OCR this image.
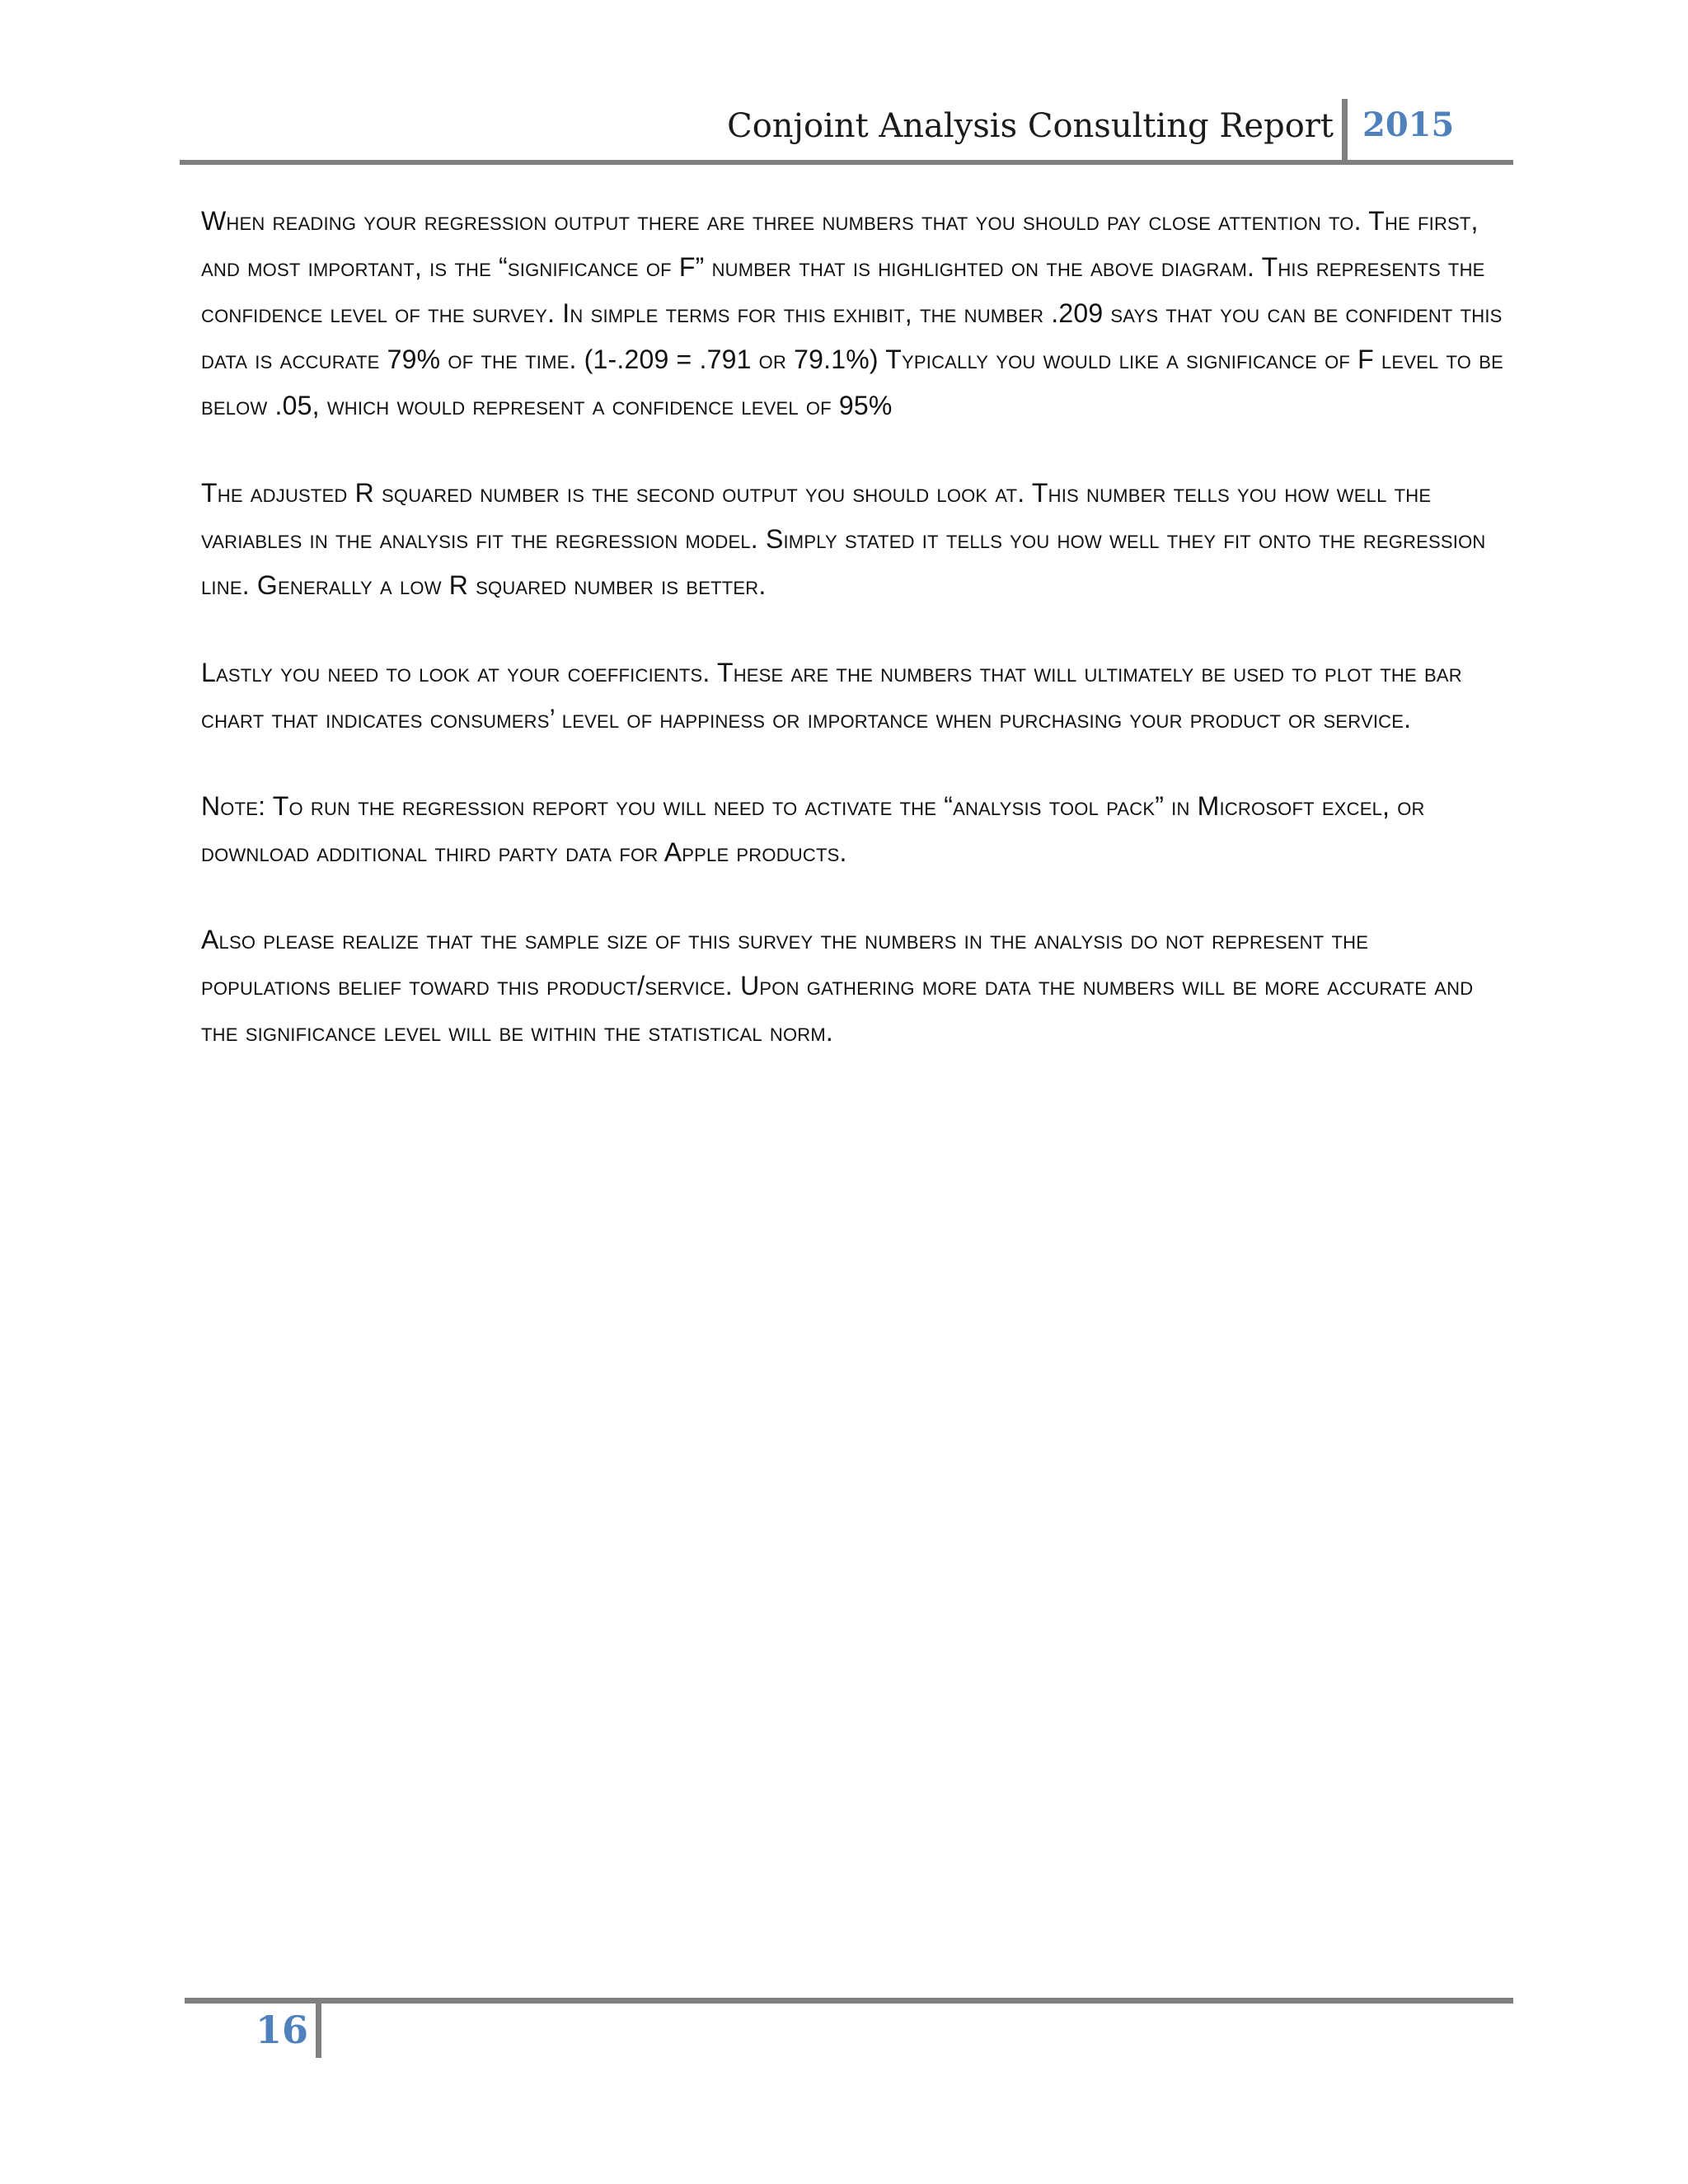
Conjoint Analysis Consulting Report 2015

When reading your regression output there are three numbers that you should pay close attention to. The first, and most important, is the “significance of F” number that is highlighted on the above diagram. This represents the confidence level of the survey. In simple terms for this exhibit, the number .209 says that you can be confident this data is accurate 79% of the time. (1-.209 = .791 or 79.1%) Typically you would like a significance of F level to be below .05, which would represent a confidence level of 95%

The adjusted R squared number is the second output you should look at. This number tells you how well the variables in the analysis fit the regression model. Simply stated it tells you how well they fit onto the regression line. Generally a low R squared number is better.

Lastly you need to look at your coefficients. These are the numbers that will ultimately be used to plot the bar chart that indicates consumers’ level of happiness or importance when purchasing your product or service.

Note: To run the regression report you will need to activate the “analysis tool pack” in Microsoft excel, or download additional third party data for Apple products.

Also please realize that the sample size of this survey the numbers in the analysis do not represent the populations belief toward this product/service. Upon gathering more data the numbers will be more accurate and the significance level will be within the statistical norm.

16
